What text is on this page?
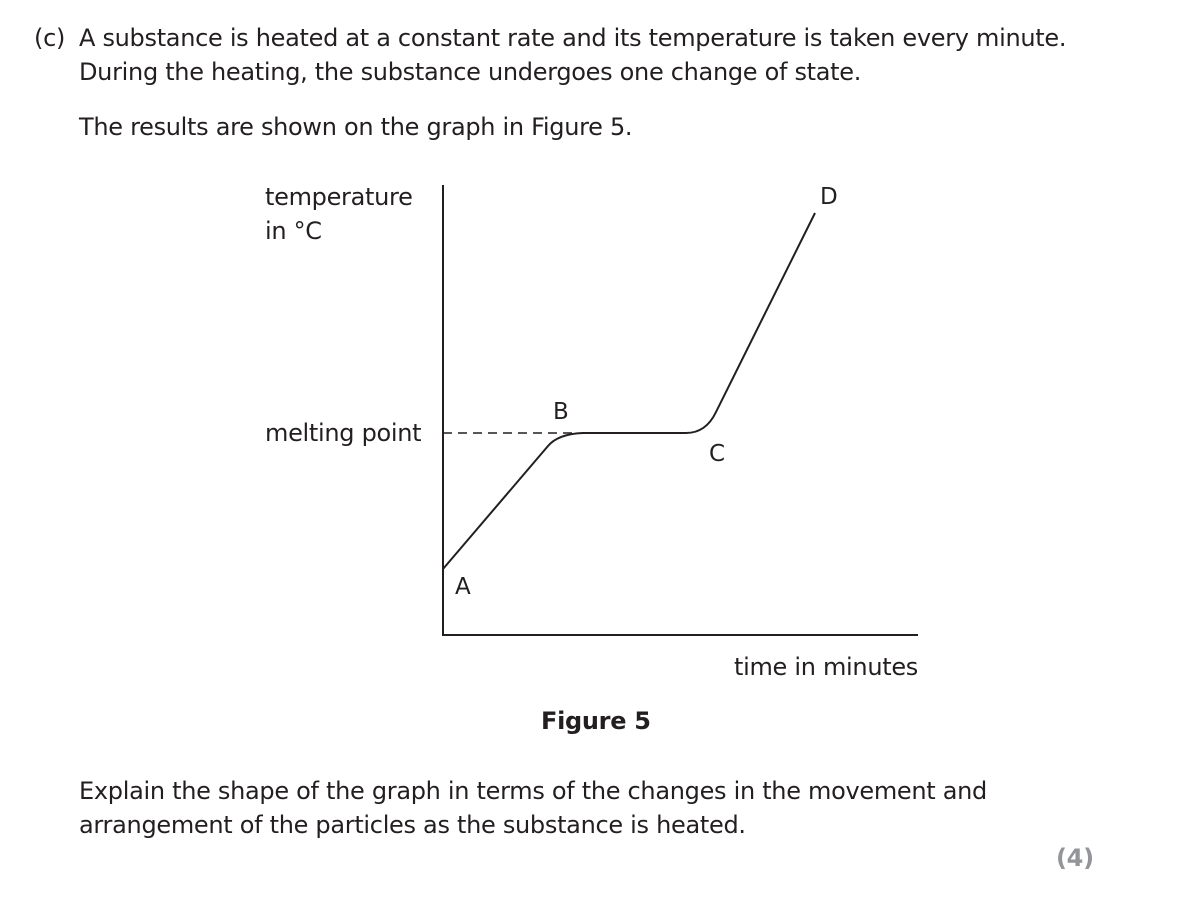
(c) A substance is heated at a constant rate and its temperature is taken every minute.
During the heating, the substance undergoes one change of state.
The results are shown on the graph in Figure 5.
temperature
in °C
melting point
time in minutes
A
B
C
D
Figure 5
Explain the shape of the graph in terms of the changes in the movement and
arrangement of the particles as the substance is heated.
(4)
